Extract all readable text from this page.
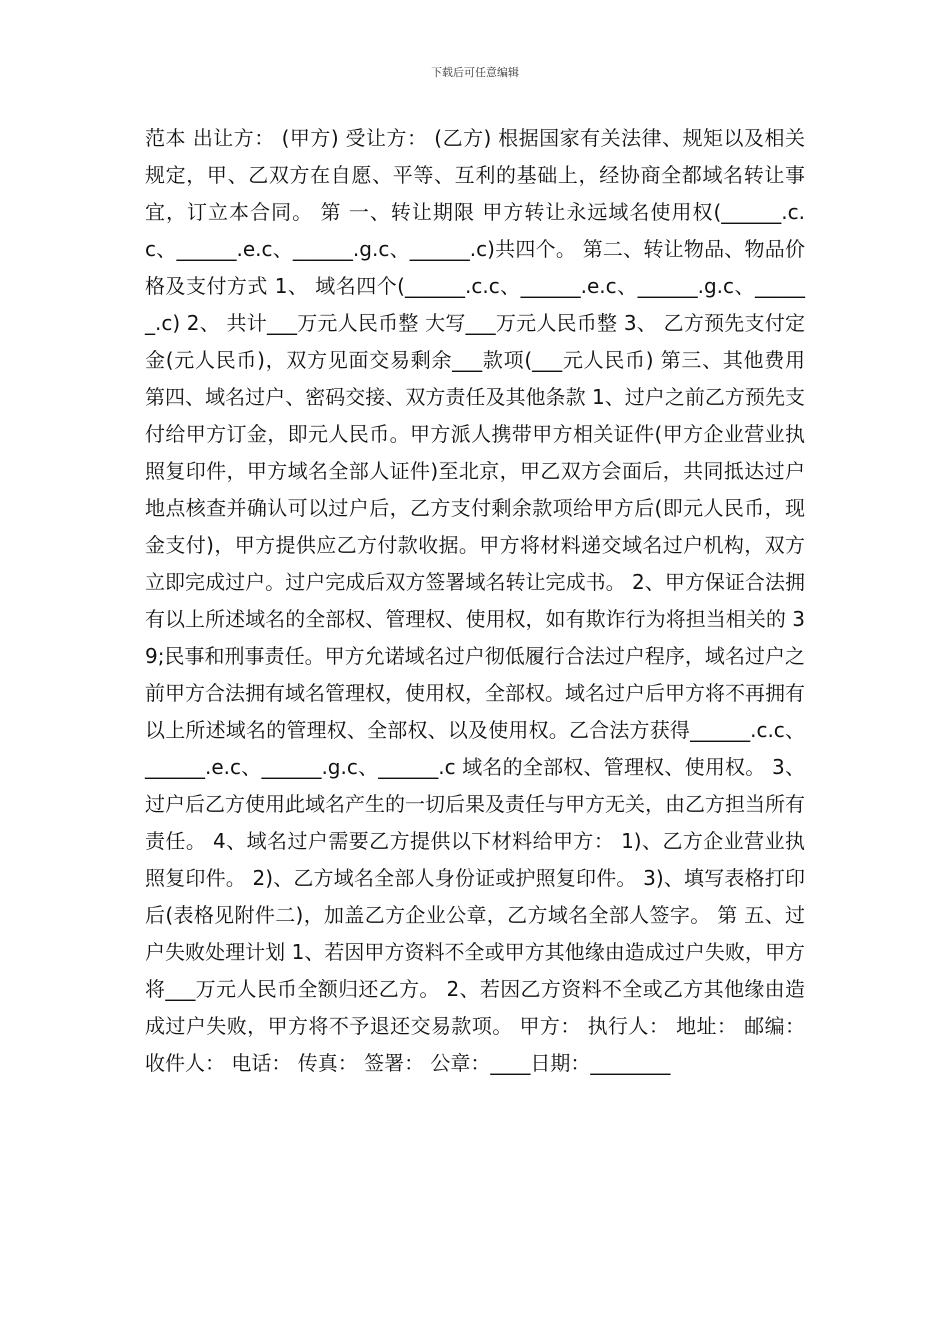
下载后可任意编辑

范本 出让方： (甲方) 受让方： (乙方) 根据国家有关法律、规矩以及相关规定，甲、乙双方在自愿、平等、互利的基础上，经协商全都域名转让事宜，订立本合同。 第 一、转让期限 甲方转让永远域名使用权(______.c.c、______.e.c、______.g.c、______.c)共四个。 第二、转让物品、物品价格及支付方式 1、 域名四个(______.c.c、______.e.c、______.g.c、______.c) 2、 共计___万元人民币整 大写___万元人民币整 3、 乙方预先支付定金(元人民币)，双方见面交易剩余___款项(___元人民币) 第三、其他费用 第四、域名过户、密码交接、双方责任及其他条款 1、过户之前乙方预先支付给甲方订金，即元人民币。甲方派人携带甲方相关证件(甲方企业营业执照复印件，甲方域名全部人证件)至北京，甲乙双方会面后，共同抵达过户地点核查并确认可以过户后，乙方支付剩余款项给甲方后(即元人民币，现金支付)，甲方提供应乙方付款收据。甲方将材料递交域名过户机构，双方立即完成过户。过户完成后双方签署域名转让完成书。 2、甲方保证合法拥有以上所述域名的全部权、管理权、使用权，如有欺诈行为将担当相关的 39;民事和刑事责任。甲方允诺域名过户彻低履行合法过户程序，域名过户之前甲方合法拥有域名管理权，使用权，全部权。域名过户后甲方将不再拥有以上所述域名的管理权、全部权、以及使用权。乙合法方获得______.c.c、______.e.c、______.g.c、______.c 域名的全部权、管理权、使用权。 3、过户后乙方使用此域名产生的一切后果及责任与甲方无关，由乙方担当所有责任。 4、域名过户需要乙方提供以下材料给甲方： 1)、乙方企业营业执照复印件。 2)、乙方域名全部人身份证或护照复印件。 3)、填写表格打印后(表格见附件二)，加盖乙方企业公章，乙方域名全部人签字。 第 五、过户失败处理计划 1、若因甲方资料不全或甲方其他缘由造成过户失败，甲方将___万元人民币全额归还乙方。 2、若因乙方资料不全或乙方其他缘由造成过户失败，甲方将不予退还交易款项。 甲方： 执行人： 地址： 邮编： 收件人： 电话： 传真： 签署： 公章：____日期：________
